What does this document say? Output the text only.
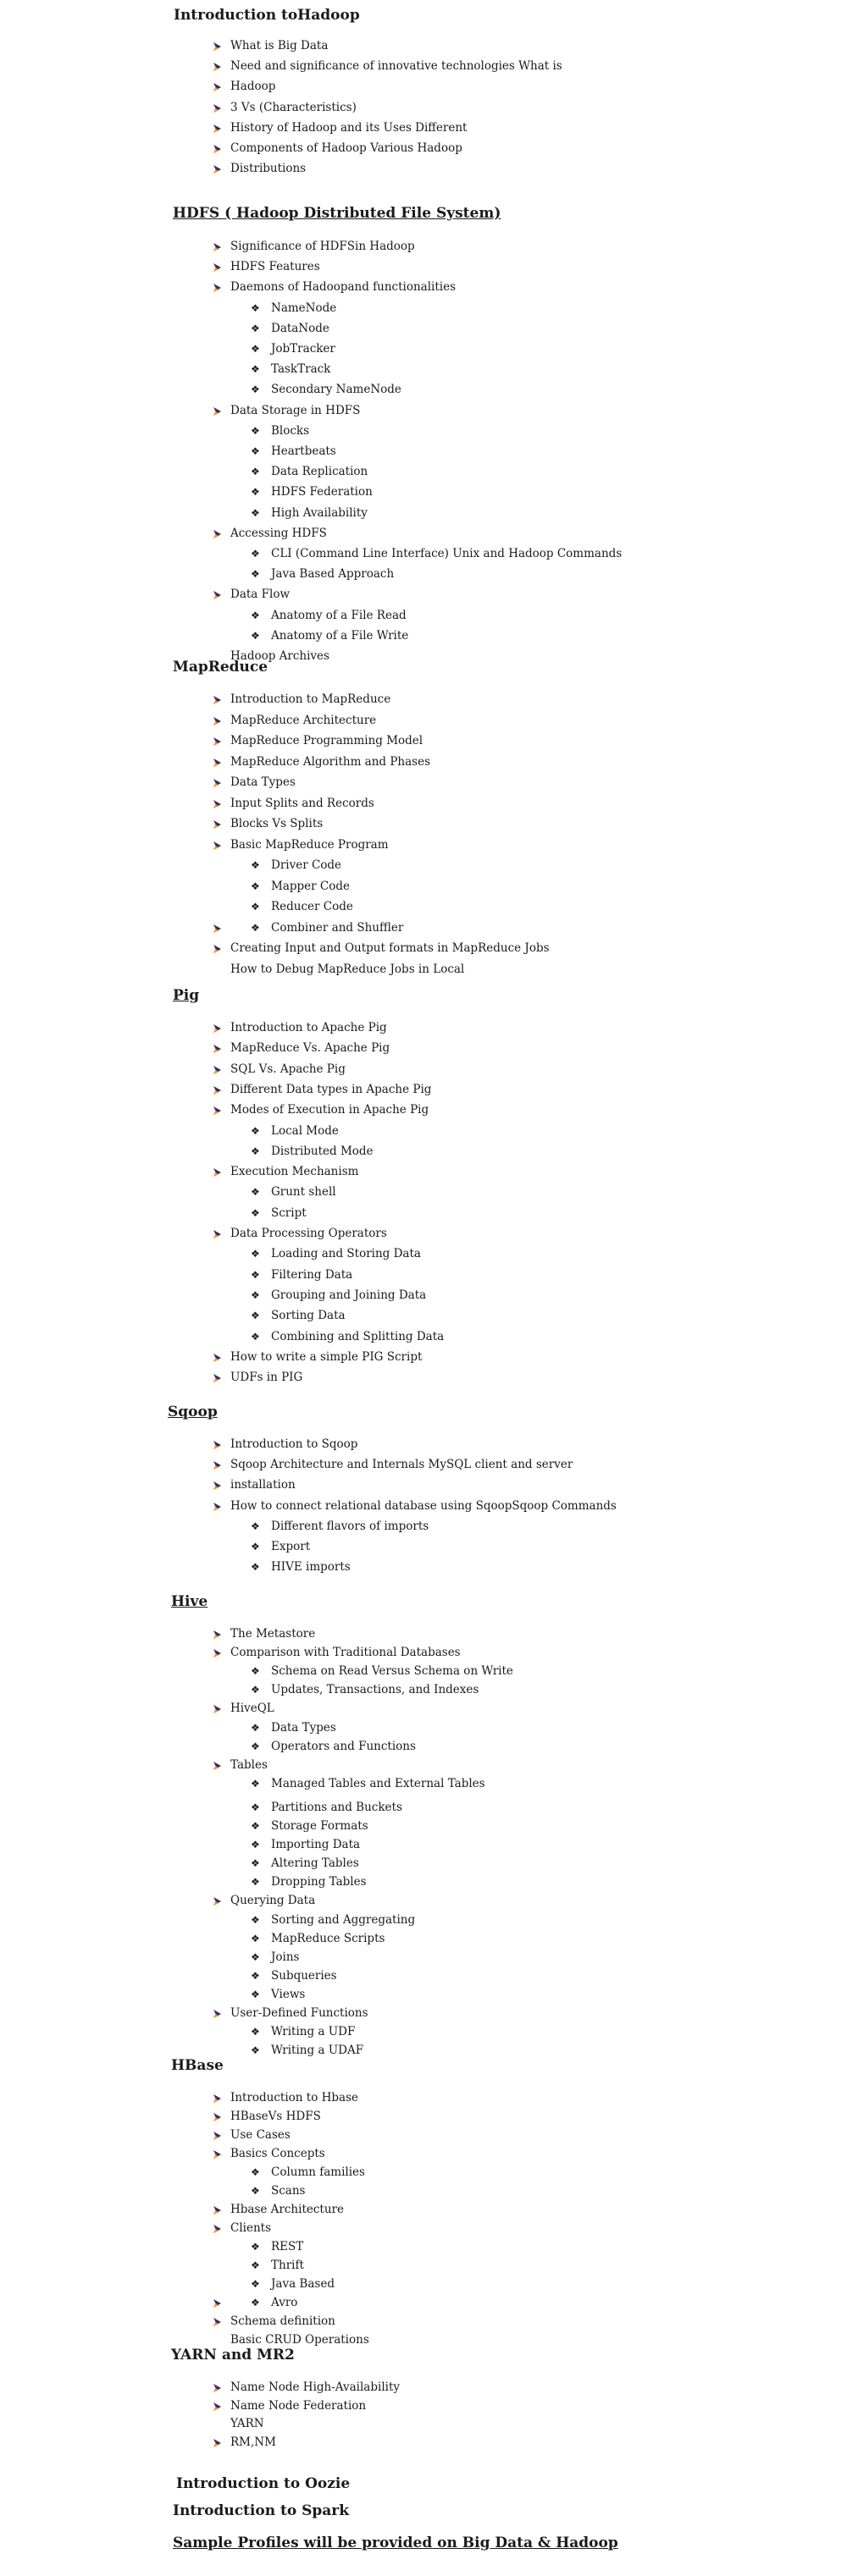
Introduction toHadoop
What is Big Data
Need and significance of innovative technologies What is
Hadoop
3 Vs (Characteristics)
History of Hadoop and its Uses Different
Components of Hadoop Various Hadoop
Distributions
HDFS ( Hadoop Distributed File System)
Significance of HDFSin Hadoop
HDFS Features
Daemons of Hadoopand functionalities
❖ NameNode
❖ DataNode
❖ JobTracker
❖ TaskTrack
❖ Secondary NameNode
Data Storage in HDFS
❖ Blocks
❖ Heartbeats
❖ Data Replication
❖ HDFS Federation
❖ High Availability
Accessing HDFS
❖ CLI (Command Line Interface) Unix and Hadoop Commands
❖ Java Based Approach
Data Flow
❖ Anatomy of a File Read
❖ Anatomy of a File Write
Hadoop Archives
MapReduce
Introduction to MapReduce
MapReduce Architecture
MapReduce Programming Model
MapReduce Algorithm and Phases
Data Types
Input Splits and Records
Blocks Vs Splits
Basic MapReduce Program
❖ Driver Code
❖ Mapper Code
❖ Reducer Code
❖ Combiner and Shuffler
Creating Input and Output formats in MapReduce Jobs
How to Debug MapReduce Jobs in Local
Pig
Introduction to Apache Pig
MapReduce Vs. Apache Pig
SQL Vs. Apache Pig
Different Data types in Apache Pig
Modes of Execution in Apache Pig
❖ Local Mode
❖ Distributed Mode
Execution Mechanism
❖ Grunt shell
❖ Script
Data Processing Operators
❖ Loading and Storing Data
❖ Filtering Data
❖ Grouping and Joining Data
❖ Sorting Data
❖ Combining and Splitting Data
How to write a simple PIG Script
UDFs in PIG
Sqoop
Introduction to Sqoop
Sqoop Architecture and Internals MySQL client and server
installation
How to connect relational database using SqoopSqoop Commands
❖ Different flavors of imports
❖ Export
❖ HIVE imports
Hive
The Metastore
Comparison with Traditional Databases
❖ Schema on Read Versus Schema on Write
❖ Updates, Transactions, and Indexes
HiveQL
❖ Data Types
❖ Operators and Functions
Tables
❖ Managed Tables and External Tables
❖ Partitions and Buckets
❖ Storage Formats
❖ Importing Data
❖ Altering Tables
❖ Dropping Tables
Querying Data
❖ Sorting and Aggregating
❖ MapReduce Scripts
❖ Joins
❖ Subqueries
❖ Views
User-Defined Functions
❖ Writing a UDF
❖ Writing a UDAF
HBase
Introduction to Hbase
HBaseVs HDFS
Use Cases
Basics Concepts
❖ Column families
❖ Scans
Hbase Architecture
Clients
❖ REST
❖ Thrift
❖ Java Based
❖ Avro
Schema definition
Basic CRUD Operations
YARN and MR2
Name Node High-Availability
Name Node Federation
YARN
RM,NM
Introduction to Oozie
Introduction to Spark
Sample Profiles will be provided on Big Data & Hadoop
